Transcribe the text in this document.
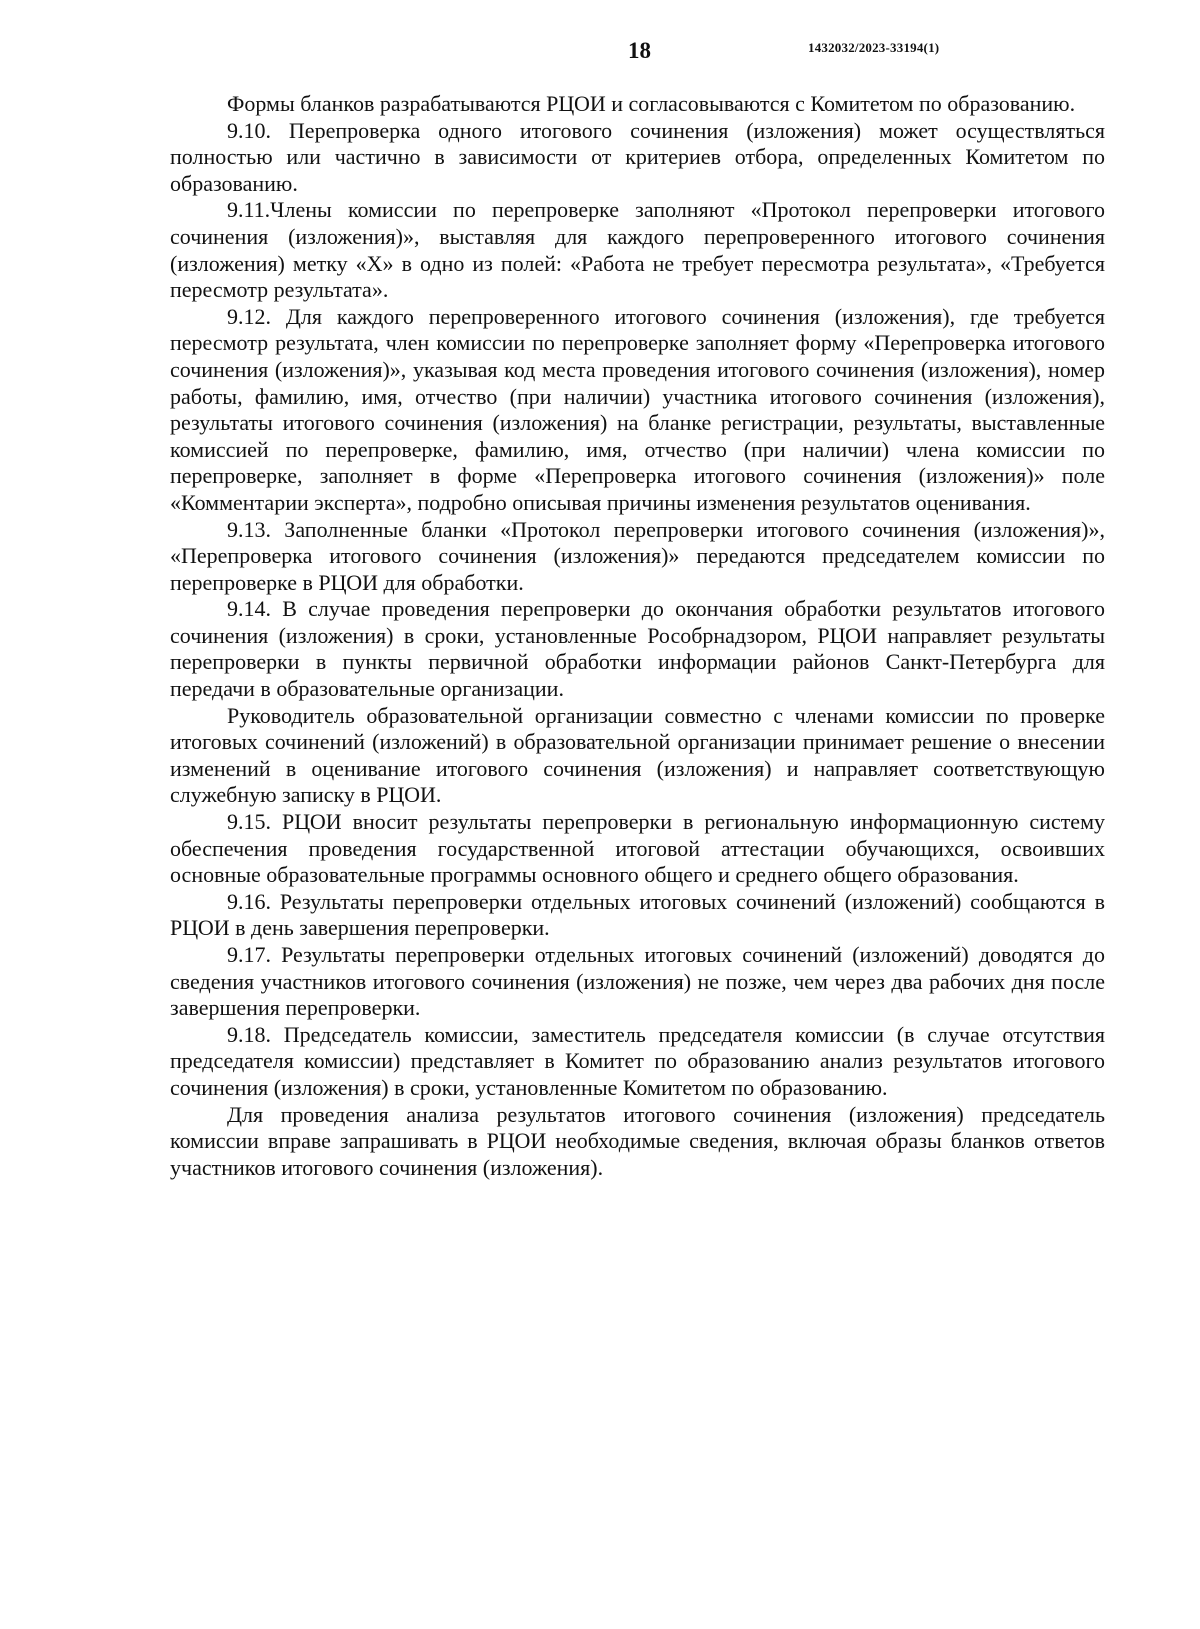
18	1432032/2023-33194(1)

Формы бланков разрабатываются РЦОИ и согласовываются с Комитетом по образованию.

9.10. Перепроверка одного итогового сочинения (изложения) может осуществляться полностью или частично в зависимости от критериев отбора, определенных Комитетом по образованию.

9.11.Члены комиссии по перепроверке заполняют «Протокол перепроверки итогового сочинения (изложения)», выставляя для каждого перепроверенного итогового сочинения (изложения) метку «X» в одно из полей: «Работа не требует пересмотра результата», «Требуется пересмотр результата».

9.12. Для каждого перепроверенного итогового сочинения (изложения), где требуется пересмотр результата, член комиссии по перепроверке заполняет форму «Перепроверка итогового сочинения (изложения)», указывая код места проведения итогового сочинения (изложения), номер работы, фамилию, имя, отчество (при наличии) участника итогового сочинения (изложения), результаты итогового сочинения (изложения) на бланке регистрации, результаты, выставленные комиссией по перепроверке, фамилию, имя, отчество (при наличии) члена комиссии по перепроверке, заполняет в форме «Перепроверка итогового сочинения (изложения)» поле «Комментарии эксперта», подробно описывая причины изменения результатов оценивания.

9.13. Заполненные бланки «Протокол перепроверки итогового сочинения (изложения)», «Перепроверка итогового сочинения (изложения)» передаются председателем комиссии по перепроверке в РЦОИ для обработки.

9.14. В случае проведения перепроверки до окончания обработки результатов итогового сочинения (изложения) в сроки, установленные Рособрнадзором, РЦОИ направляет результаты перепроверки в пункты первичной обработки информации районов Санкт-Петербурга для передачи в образовательные организации.

Руководитель образовательной организации совместно с членами комиссии по проверке итоговых сочинений (изложений) в образовательной организации принимает решение о внесении изменений в оценивание итогового сочинения (изложения) и направляет соответствующую служебную записку в РЦОИ.

9.15. РЦОИ вносит результаты перепроверки в региональную информационную систему обеспечения проведения государственной итоговой аттестации обучающихся, освоивших основные образовательные программы основного общего и среднего общего образования.

9.16. Результаты перепроверки отдельных итоговых сочинений (изложений) сообщаются в РЦОИ в день завершения перепроверки.

9.17. Результаты перепроверки отдельных итоговых сочинений (изложений) доводятся до сведения участников итогового сочинения (изложения) не позже, чем через два рабочих дня после завершения перепроверки.

9.18. Председатель комиссии, заместитель председателя комиссии (в случае отсутствия председателя комиссии) представляет в Комитет по образованию анализ результатов итогового сочинения (изложения) в сроки, установленные Комитетом по образованию.

Для проведения анализа результатов итогового сочинения (изложения) председатель комиссии вправе запрашивать в РЦОИ необходимые сведения, включая образы бланков ответов участников итогового сочинения (изложения).
